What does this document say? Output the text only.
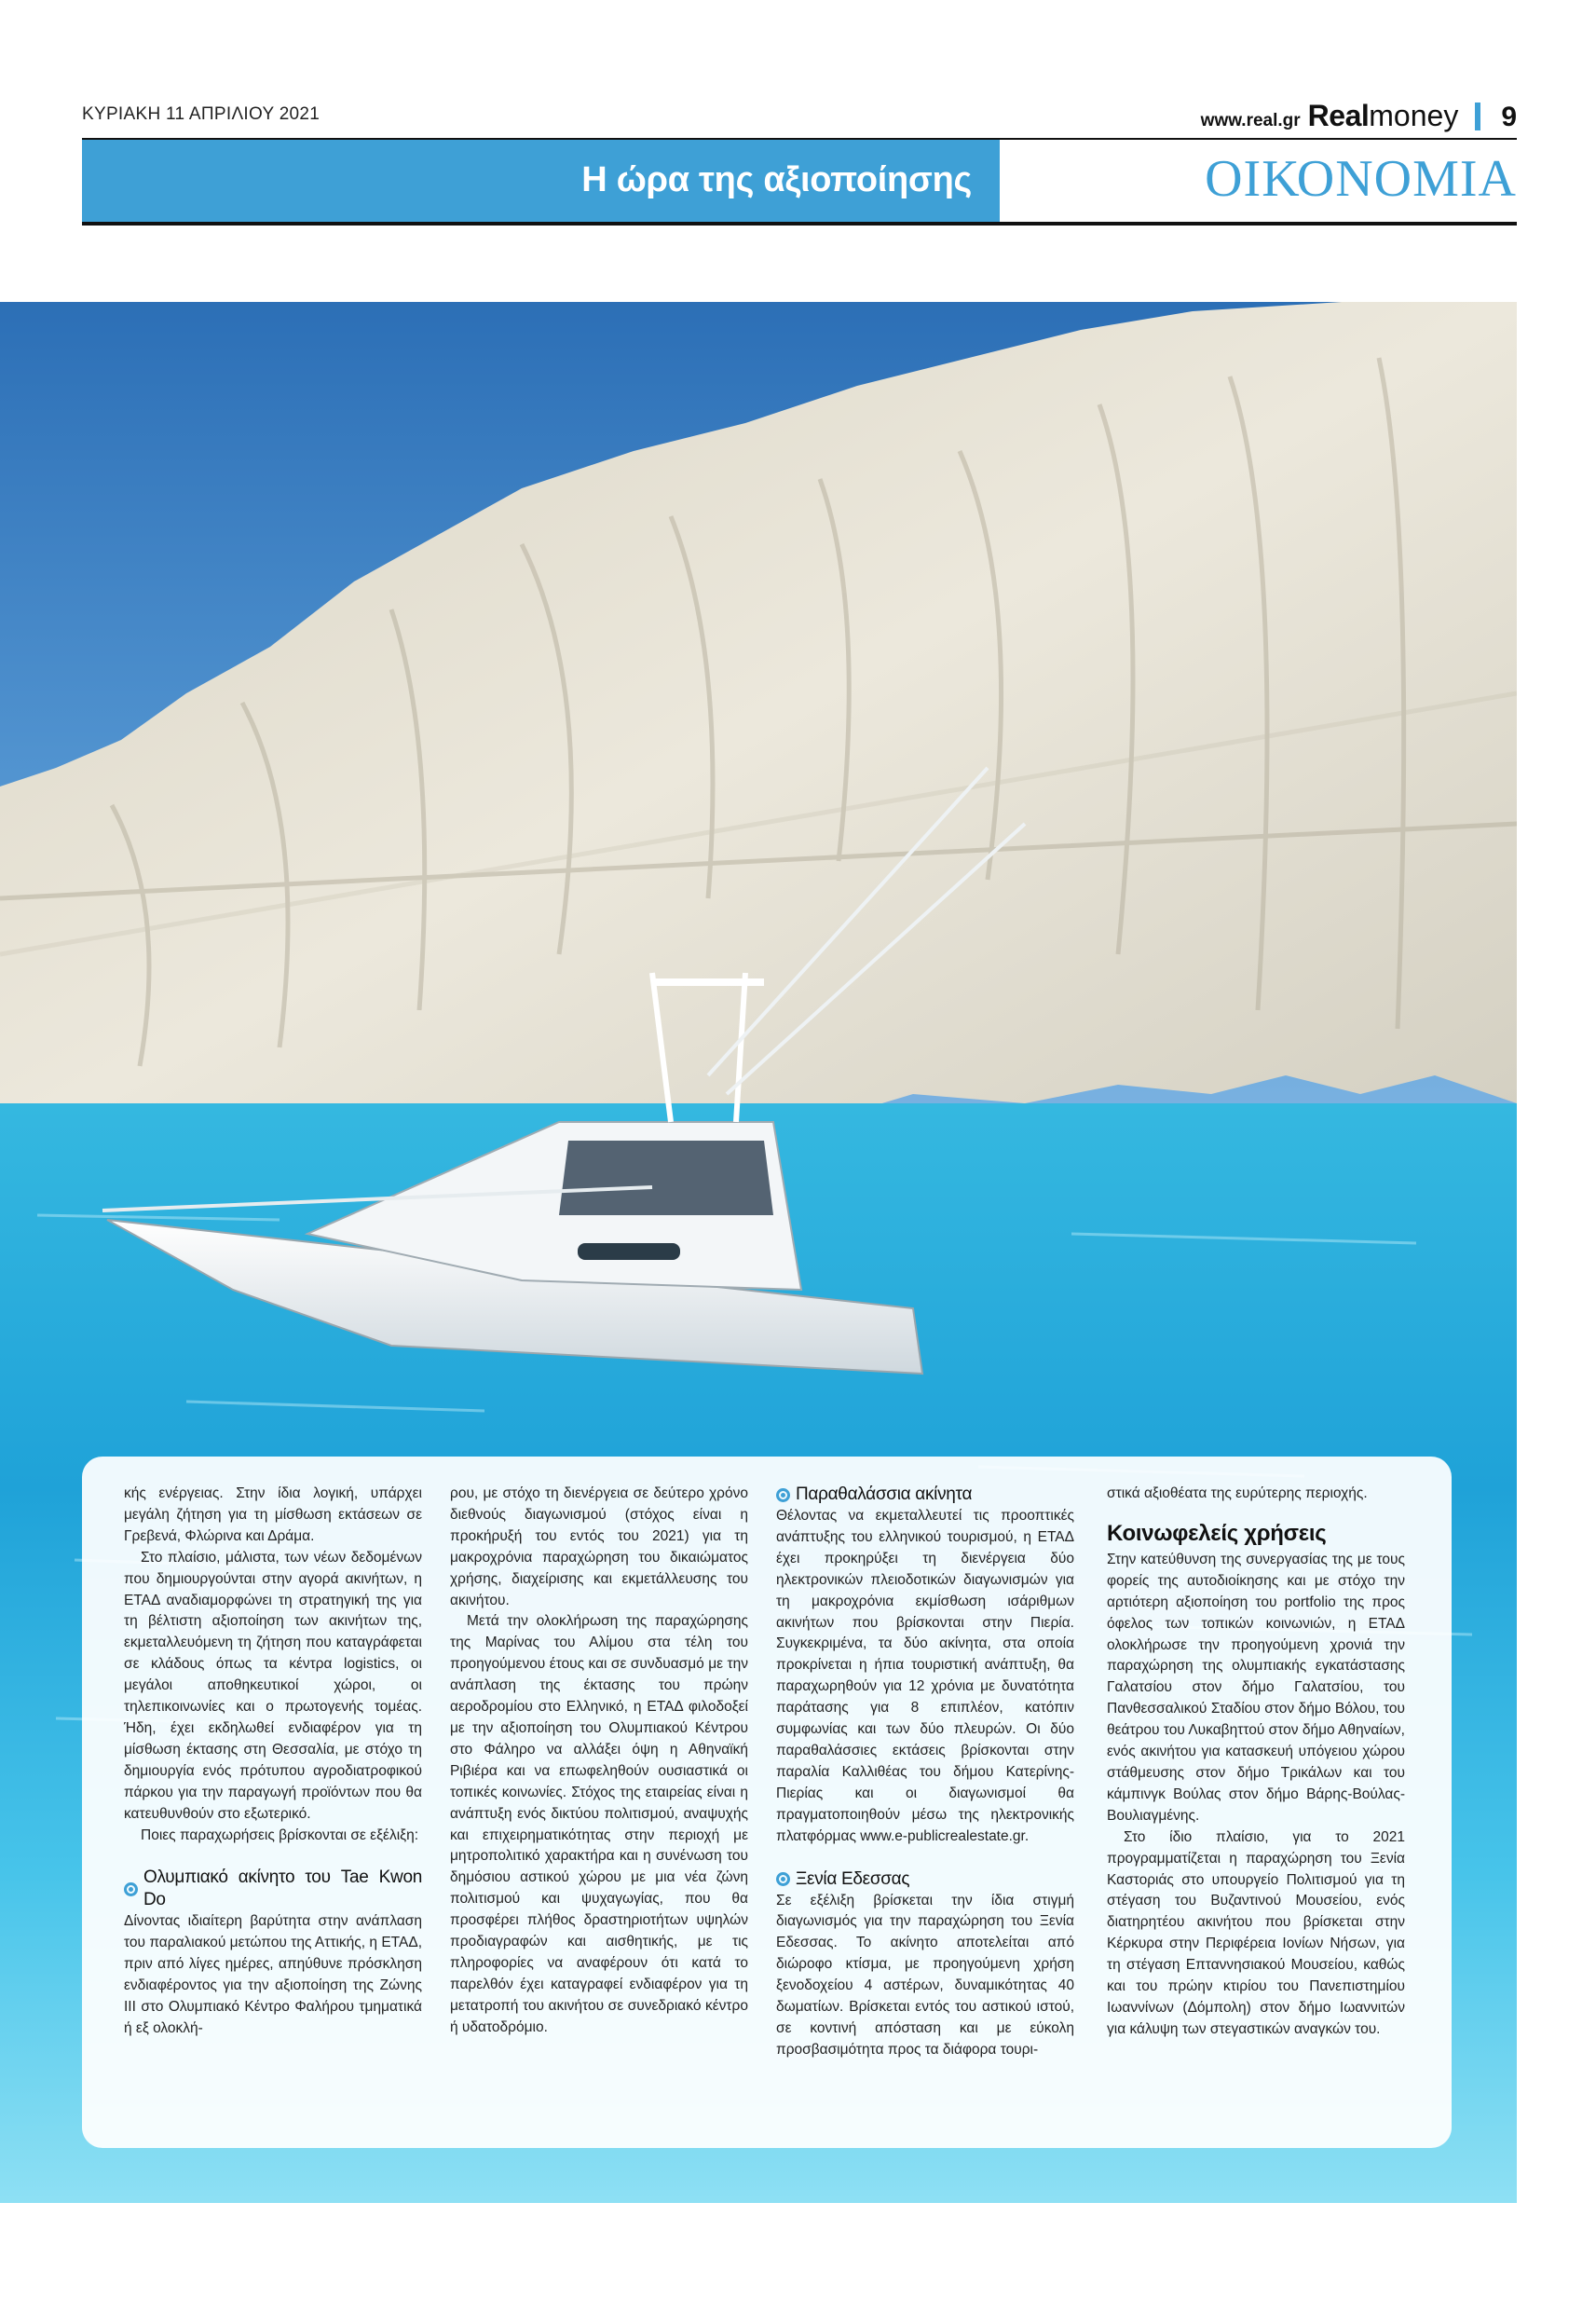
ΚΥΡΙΑΚΗ 11 ΑΠΡΙΛΙΟΥ 2021	www.real.gr Real money 9
Η ώρα της αξιοποίησης	ΟΙΚΟΝΟΜΙΑ

κής ενέργειας. Στην ίδια λογική, υπάρχει μεγάλη ζήτηση για τη μίσθωση εκτάσεων σε Γρεβενά, Φλώρινα και Δράμα.

Στο πλαίσιο, μάλιστα, των νέων δεδομένων που δημιουργούνται στην αγορά ακινήτων, η ΕΤΑΔ αναδιαμορφώνει τη στρατηγική της για τη βέλτιστη αξιοποίηση των ακινήτων της, εκμεταλλευόμενη τη ζήτηση που καταγράφεται σε κλάδους όπως τα κέντρα logistics, οι μεγάλοι αποθηκευτικοί χώροι, οι τηλεπικοινωνίες και ο πρωτογενής τομέας. Ήδη, έχει εκδηλωθεί ενδιαφέρον για τη μίσθωση έκτασης στη Θεσσαλία, με στόχο τη δημιουργία ενός πρότυπου αγροδιατροφικού πάρκου για την παραγωγή προϊόντων που θα κατευθυνθούν στο εξωτερικό.

Ποιες παραχωρήσεις βρίσκονται σε εξέλιξη:

Ολυμπιακό ακίνητο του Tae Kwon Do

Δίνοντας ιδιαίτερη βαρύτητα στην ανάπλαση του παραλιακού μετώπου της Αττικής, η ΕΤΑΔ, πριν από λίγες ημέρες, απηύθυνε πρόσκληση ενδιαφέροντος για την αξιοποίηση της Ζώνης ΙΙΙ στο Ολυμπιακό Κέντρο Φαλήρου τμηματικά ή εξ ολοκλή-

ρου, με στόχο τη διενέργεια σε δεύτερο χρόνο διεθνούς διαγωνισμού (στόχος είναι η προκήρυξή του εντός του 2021) για τη μακροχρόνια παραχώρηση του δικαιώματος χρήσης, διαχείρισης και εκμετάλλευσης του ακινήτου.

Μετά την ολοκλήρωση της παραχώρησης της Μαρίνας του Αλίμου στα τέλη του προηγούμενου έτους και σε συνδυασμό με την ανάπλαση της έκτασης του πρώην αεροδρομίου στο Ελληνικό, η ΕΤΑΔ φιλοδοξεί με την αξιοποίηση του Ολυμπιακού Κέντρου στο Φάληρο να αλλάξει όψη η Αθηναϊκή Ριβιέρα και να επωφεληθούν ουσιαστικά οι τοπικές κοινωνίες. Στόχος της εταιρείας είναι η ανάπτυξη ενός δικτύου πολιτισμού, αναψυχής και επιχειρηματικότητας στην περιοχή με μητροπολιτικό χαρακτήρα και η συνένωση του δημόσιου αστικού χώρου με μια νέα ζώνη πολιτισμού και ψυχαγωγίας, που θα προσφέρει πλήθος δραστηριοτήτων υψηλών προδιαγραφών και αισθητικής, με τις πληροφορίες να αναφέρουν ότι κατά το παρελθόν έχει καταγραφεί ενδιαφέρον για τη μετατροπή του ακινήτου σε συνεδριακό κέντρο ή υδατοδρόμιο.

Παραθαλάσσια ακίνητα

Θέλοντας να εκμεταλλευτεί τις προοπτικές ανάπτυξης του ελληνικού τουρισμού, η ΕΤΑΔ έχει προκηρύξει τη διενέργεια δύο ηλεκτρονικών πλειοδοτικών διαγωνισμών για τη μακροχρόνια εκμίσθωση ισάριθμων ακινήτων που βρίσκονται στην Πιερία. Συγκεκριμένα, τα δύο ακίνητα, στα οποία προκρίνεται η ήπια τουριστική ανάπτυξη, θα παραχωρηθούν για 12 χρόνια με δυνατότητα παράτασης για 8 επιπλέον, κατόπιν συμφωνίας και των δύο πλευρών. Οι δύο παραθαλάσσιες εκτάσεις βρίσκονται στην παραλία Καλλιθέας του δήμου Κατερίνης-Πιερίας και οι διαγωνισμοί θα πραγματοποιηθούν μέσω της ηλεκτρονικής πλατφόρμας www.e-publicrealestate.gr.

Ξενία Εδεσσας

Σε εξέλιξη βρίσκεται την ίδια στιγμή διαγωνισμός για την παραχώρηση του Ξενία Εδεσσας. Το ακίνητο αποτελείται από διώροφο κτίσμα, με προηγούμενη χρήση ξενοδοχείου 4 αστέρων, δυναμικότητας 40 δωματίων. Βρίσκεται εντός του αστικού ιστού, σε κοντινή απόσταση και με εύκολη προσβασιμότητα προς τα διάφορα τουρι-

στικά αξιοθέατα της ευρύτερης περιοχής.

Κοινωφελείς χρήσεις

Στην κατεύθυνση της συνεργασίας της με τους φορείς της αυτοδιοίκησης και με στόχο την αρτιότερη αξιοποίηση του portfolio της προς όφελος των τοπικών κοινωνιών, η ΕΤΑΔ ολοκλήρωσε την προηγούμενη χρονιά την παραχώρηση της ολυμπιακής εγκατάστασης Γαλατσίου στον δήμο Γαλατσίου, του Πανθεσσαλικού Σταδίου στον δήμο Βόλου, του θεάτρου του Λυκαβηττού στον δήμο Αθηναίων, ενός ακινήτου για κατασκευή υπόγειου χώρου στάθμευσης στον δήμο Τρικάλων και του κάμπινγκ Βούλας στον δήμο Βάρης-Βούλας-Βουλιαγμένης.

Στο ίδιο πλαίσιο, για το 2021 προγραμματίζεται η παραχώρηση του Ξενία Καστοριάς στο υπουργείο Πολιτισμού για τη στέγαση του Βυζαντινού Μουσείου, ενός διατηρητέου ακινήτου που βρίσκεται στην Κέρκυρα στην Περιφέρεια Ιονίων Νήσων, για τη στέγαση Επταννησιακού Μουσείου, καθώς και του πρώην κτιρίου του Πανεπιστημίου Ιωαννίνων (Δόμπολη) στον δήμο Ιωαννιτών για κάλυψη των στεγαστικών αναγκών του.
